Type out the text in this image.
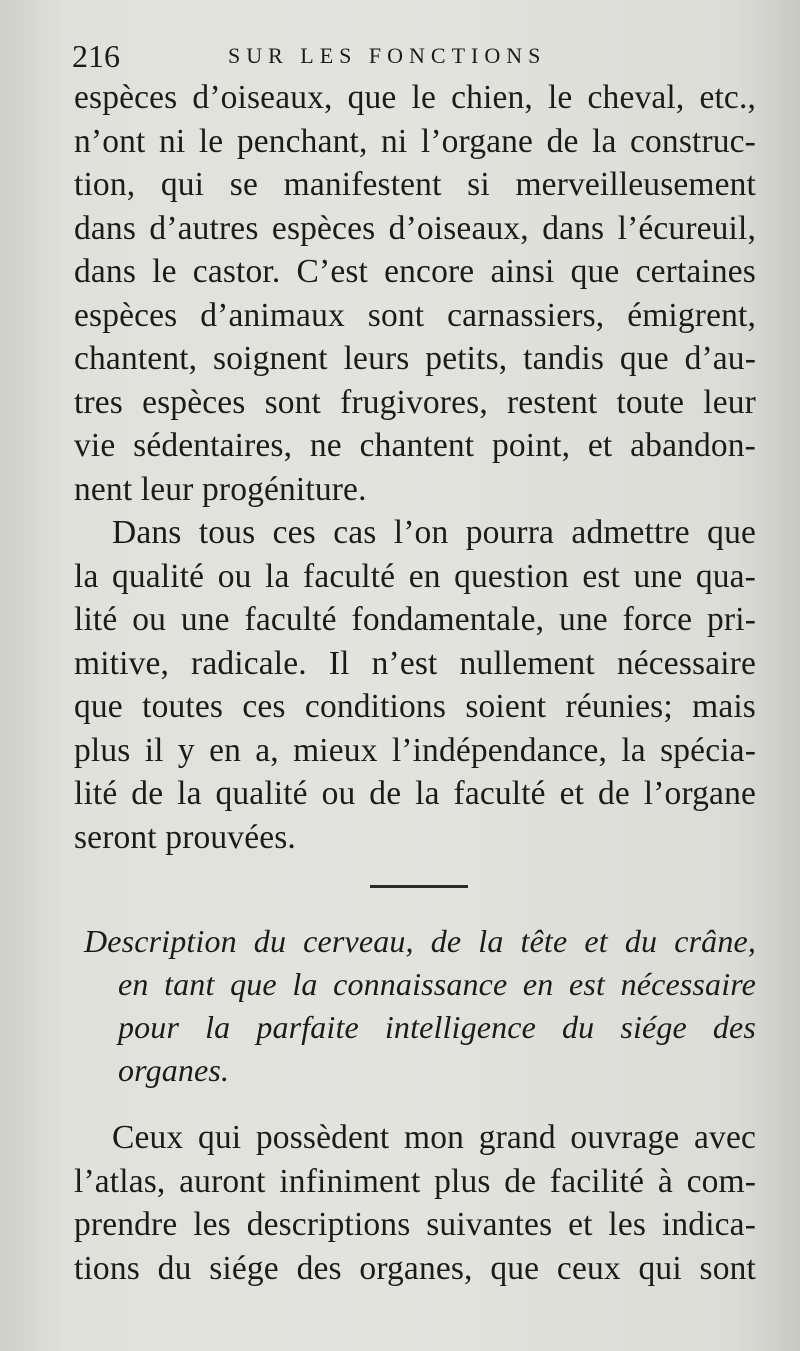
216	SUR LES FONCTIONS
espèces d’oiseaux, que le chien, le cheval, etc.,
n’ont ni le penchant, ni l’organe de la construc-
tion, qui se manifestent si merveilleusement
dans d’autres espèces d’oiseaux, dans l’écureuil,
dans le castor. C’est encore ainsi que certaines
espèces d’animaux sont carnassiers, émigrent,
chantent, soignent leurs petits, tandis que d’au-
tres espèces sont frugivores, restent toute leur
vie sédentaires, ne chantent point, et abandon-
nent leur progéniture.
Dans tous ces cas l’on pourra admettre que
la qualité ou la faculté en question est une qua-
lité ou une faculté fondamentale, une force pri-
mitive, radicale. Il n’est nullement nécessaire
que toutes ces conditions soient réunies; mais
plus il y en a, mieux l’indépendance, la spécia-
lité de la qualité ou de la faculté et de l’organe
seront prouvées.
Description du cerveau, de la tête et du crâne,
en tant que la connaissance en est nécessaire
pour la parfaite intelligence du siége des
organes.
Ceux qui possèdent mon grand ouvrage avec
l’atlas, auront infiniment plus de facilité à com-
prendre les descriptions suivantes et les indica-
tions du siége des organes, que ceux qui sont
